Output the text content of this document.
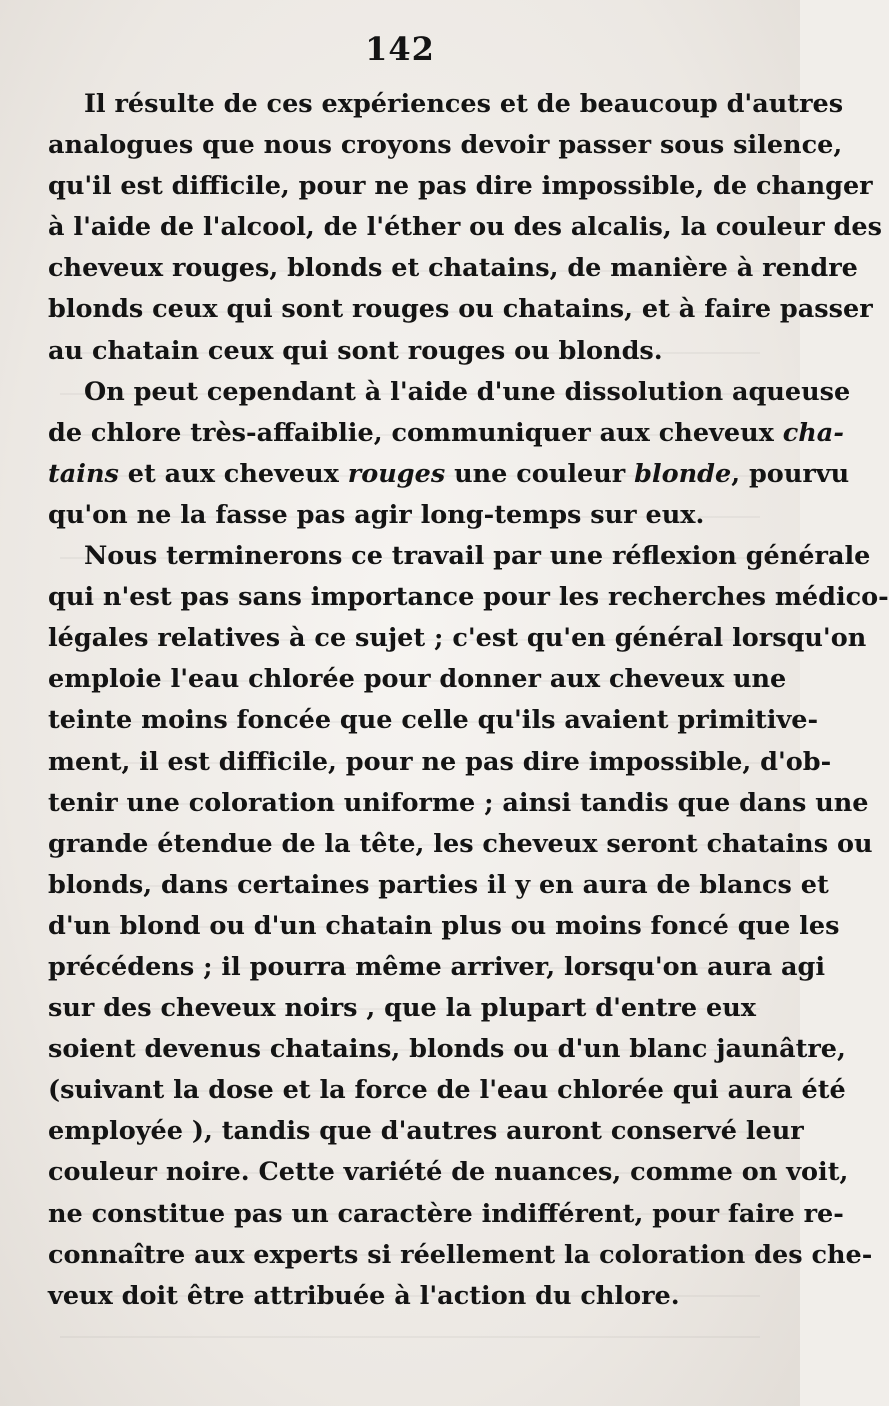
142
Il résulte de ces expériences et de beaucoup d'autres
analogues que nous croyons devoir passer sous silence,
qu'il est difficile, pour ne pas dire impossible, de changer
à l'aide de l'alcool, de l'éther ou des alcalis, la couleur des
cheveux rouges, blonds et chatains, de manière à rendre
blonds ceux qui sont rouges ou chatains, et à faire passer
au chatain ceux qui sont rouges ou blonds.
On peut cependant à l'aide d'une dissolution aqueuse
de chlore très-affaiblie, communiquer aux cheveux cha-
tains et aux cheveux rouges une couleur blonde, pourvu
qu'on ne la fasse pas agir long-temps sur eux.
Nous terminerons ce travail par une réflexion générale
qui n'est pas sans importance pour les recherches médico-
légales relatives à ce sujet ; c'est qu'en général lorsqu'on
emploie l'eau chlorée pour donner aux cheveux une
teinte moins foncée que celle qu'ils avaient primitive-
ment, il est difficile, pour ne pas dire impossible, d'ob-
tenir une coloration uniforme ; ainsi tandis que dans une
grande étendue de la tête, les cheveux seront chatains ou
blonds, dans certaines parties il y en aura de blancs et
d'un blond ou d'un chatain plus ou moins foncé que les
précédens ; il pourra même arriver, lorsqu'on aura agi
sur des cheveux noirs , que la plupart d'entre eux
soient devenus chatains, blonds ou d'un blanc jaunâtre,
(suivant la dose et la force de l'eau chlorée qui aura été
employée ), tandis que d'autres auront conservé leur
couleur noire. Cette variété de nuances, comme on voit,
ne constitue pas un caractère indifférent, pour faire re-
connaître aux experts si réellement la coloration des che-
veux doit être attribuée à l'action du chlore.
